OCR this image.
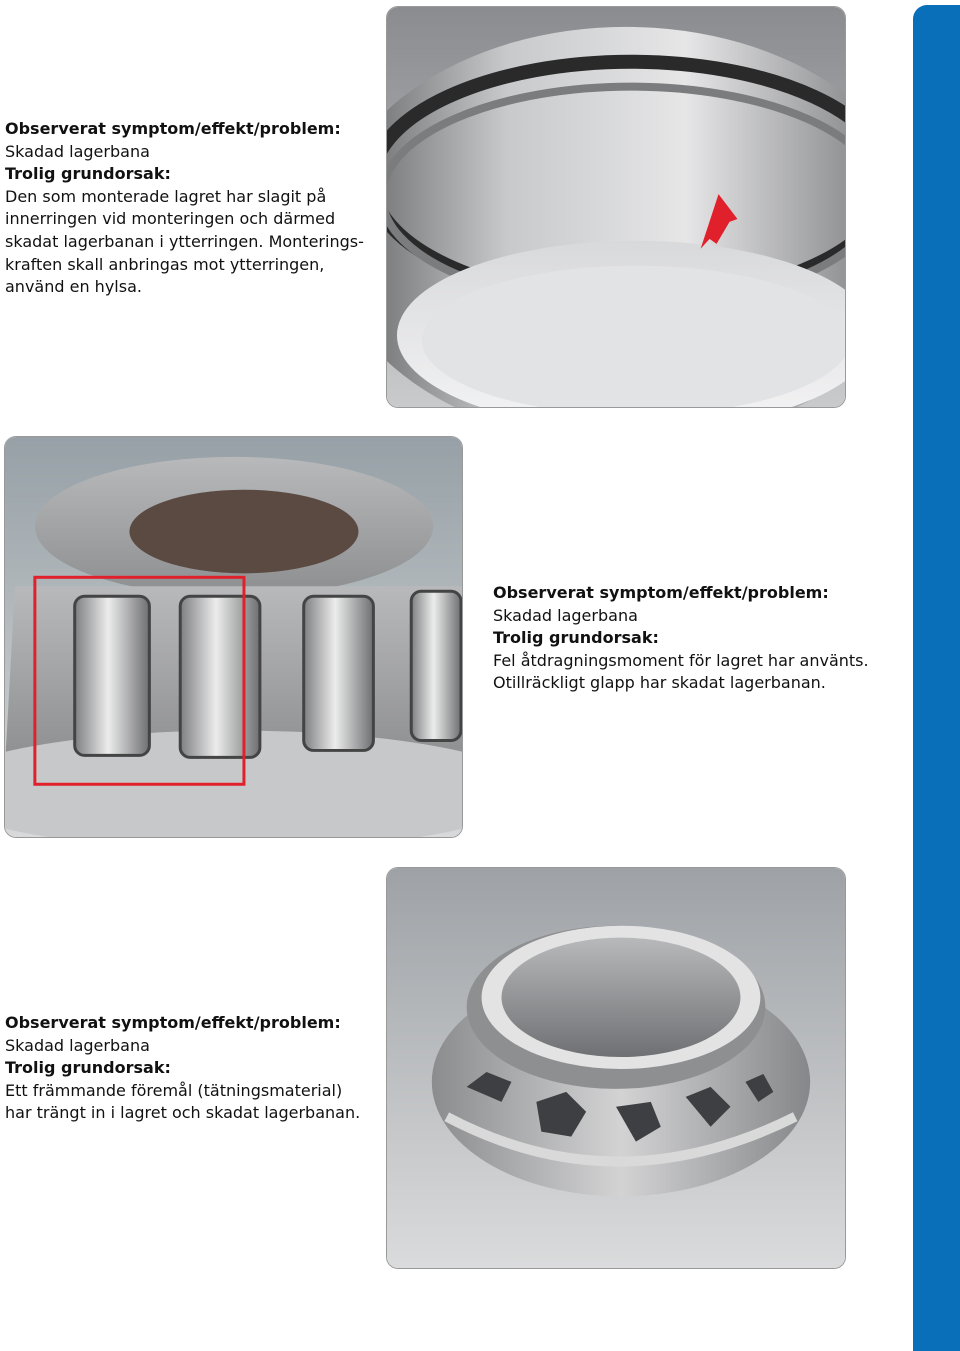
Observerat symptom/effekt/problem:
Skadad lagerbana
Trolig grundorsak:
Den som monterade lagret har slagit på
innerringen vid monteringen och därmed
skadat lagerbanan i ytterringen. Monterings-
kraften skall anbringas mot ytterringen,
använd en hylsa.
Observerat symptom/effekt/problem:
Skadad lagerbana
Trolig grundorsak:
Fel åtdragningsmoment för lagret har använts.
Otillräckligt glapp har skadat lagerbanan.
Observerat symptom/effekt/problem:
Skadad lagerbana
Trolig grundorsak:
Ett främmande föremål (tätningsmaterial)
har trängt in i lagret och skadat lagerbanan.
